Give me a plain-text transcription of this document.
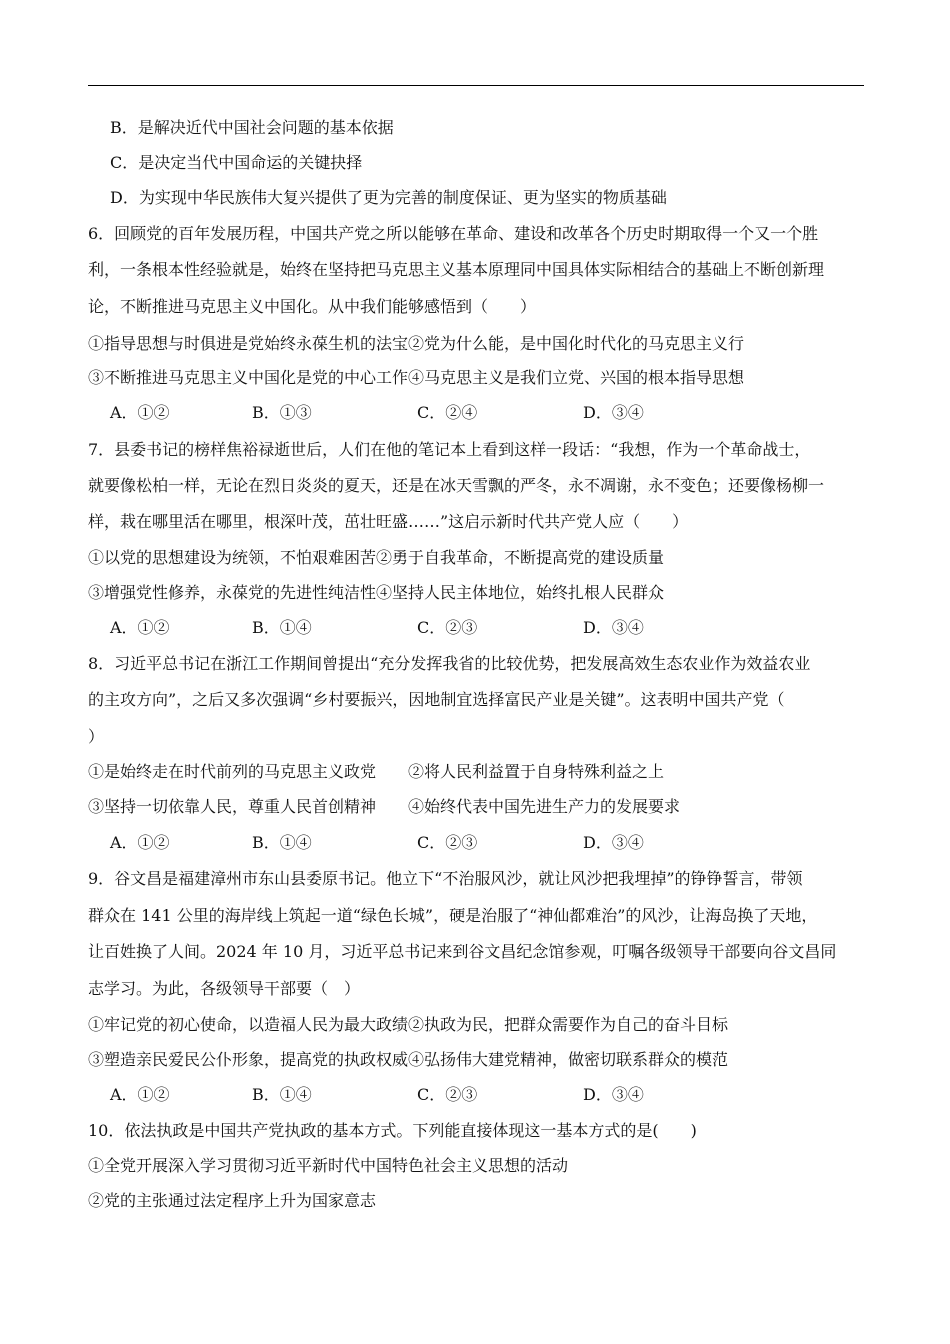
B．是解决近代中国社会问题的基本依据
C．是决定当代中国命运的关键抉择
D．为实现中华民族伟大复兴提供了更为完善的制度保证、更为坚实的物质基础
6．回顾党的百年发展历程，中国共产党之所以能够在革命、建设和改革各个历史时期取得一个又一个胜
利，一条根本性经验就是，始终在坚持把马克思主义基本原理同中国具体实际相结合的基础上不断创新理
论，不断推进马克思主义中国化。从中我们能够感悟到（　　）
①指导思想与时俱进是党始终永葆生机的法宝②党为什么能，是中国化时代化的马克思主义行
③不断推进马克思主义中国化是党的中心工作④马克思主义是我们立党、兴国的根本指导思想
A．①②	B．①③	C．②④	D．③④
7．县委书记的榜样焦裕禄逝世后，人们在他的笔记本上看到这样一段话：“我想，作为一个革命战士，
就要像松柏一样，无论在烈日炎炎的夏天，还是在冰天雪飘的严冬，永不凋谢，永不变色；还要像杨柳一
样，栽在哪里活在哪里，根深叶茂，茁壮旺盛……”这启示新时代共产党人应（　　）
①以党的思想建设为统领，不怕艰难困苦②勇于自我革命，不断提高党的建设质量
③增强党性修养，永葆党的先进性纯洁性④坚持人民主体地位，始终扎根人民群众
A．①②	B．①④	C．②③	D．③④
8．习近平总书记在浙江工作期间曾提出“充分发挥我省的比较优势，把发展高效生态农业作为效益农业
的主攻方向”，之后又多次强调“乡村要振兴，因地制宜选择富民产业是关键”。这表明中国共产党（
）
①是始终走在时代前列的马克思主义政党　　②将人民利益置于自身特殊利益之上
③坚持一切依靠人民，尊重人民首创精神　　④始终代表中国先进生产力的发展要求
A．①②	B．①④	C．②③	D．③④
9．谷文昌是福建漳州市东山县委原书记。他立下“不治服风沙，就让风沙把我埋掉”的铮铮誓言，带领
群众在 141 公里的海岸线上筑起一道“绿色长城”，硬是治服了“神仙都难治”的风沙，让海岛换了天地，
让百姓换了人间。2024 年 10 月，习近平总书记来到谷文昌纪念馆参观，叮嘱各级领导干部要向谷文昌同
志学习。为此，各级领导干部要（　）
①牢记党的初心使命，以造福人民为最大政绩②执政为民，把群众需要作为自己的奋斗目标
③塑造亲民爱民公仆形象，提高党的执政权威④弘扬伟大建党精神，做密切联系群众的模范
A．①②	B．①④	C．②③	D．③④
10．依法执政是中国共产党执政的基本方式。下列能直接体现这一基本方式的是(　　)
①全党开展深入学习贯彻习近平新时代中国特色社会主义思想的活动
②党的主张通过法定程序上升为国家意志
